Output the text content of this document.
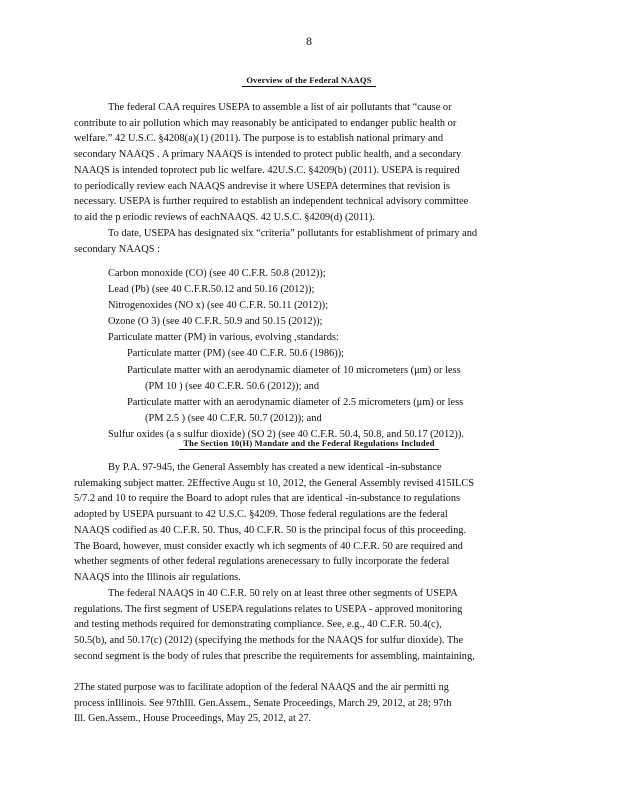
8
Overview of the Federal NAAQS

The federal CAA requires USEPA to assemble a list of air pollutants that “cause or
contribute to air pollution which may reasonably be anticipated to endanger public health or
welfare.” 42 U.S.C. §4208(a)(1) (2011). The purpose is to establish national primary and
secondary NAAQS . A primary NAAQS is intended to protect public health, and a secondary
NAAQS is intended toprotect pub lic welfare. 42U.S.C. §4209(b) (2011). USEPA is required
to periodically review each NAAQS andrevise it where USEPA determines that revision is
necessary. USEPA is further required to establish an independent technical advisory committee
to aid the p eriodic reviews of eachNAAQS. 42 U.S.C. §4209(d) (2011).

To date, USEPA has designated six “criteria” pollutants for establishment of primary and
secondary NAAQS :

Carbon monoxide (CO) (see 40 C.F.R. 50.8 (2012));
Lead (Pb) (see 40 C.F.R.50.12 and 50.16 (2012));
Nitrogenoxides (NO x) (see 40 C.F.R. 50.11 (2012));
Ozone (O 3) (see 40 C.F.R. 50.9 and 50.15 (2012));
Particulate matter (PM) in various, evolving ,standards:
Particulate matter (PM) (see 40 C.F.R. 50.6 (1986));
Particulate matter with an aerodynamic diameter of 10 micrometers (μm) or less
(PM 10 ) (see 40 C.F.R. 50.6 (2012)); and
Particulate matter with an aerodynamic diameter of 2.5 micrometers (μm) or less
(PM 2.5 ) (see 40 C.F.R. 50.7 (2012)); and
Sulfur oxides (a s sulfur dioxide) (SO 2) (see 40 C.F.R. 50.4, 50.8, and 50.17 (2012)).
The Section 10(H) Mandate and the Federal Regulations Included

By P.A. 97-945, the General Assembly has created a new identical -in-substance
rulemaking subject matter. 2Effective Augu st 10, 2012, the General Assembly revised 415ILCS
5/7.2 and 10 to require the Board to adopt rules that are identical -in-substance to regulations
adopted by USEPA pursuant to 42 U.S.C. §4209. Those federal regulations are the federal
NAAQS codified as 40 C.F.R. 50. Thus, 40 C.F.R. 50 is the principal focus of this proceeding.
The Board, however, must consider exactly wh ich segments of 40 C.F.R. 50 are required and
whether segments of other federal regulations arenecessary to fully incorporate the federal
NAAQS into the Illinois air regulations.

The federal NAAQS in 40 C.F.R. 50 rely on at least three other segments of USEPA
regulations. The first segment of USEPA regulations relates to USEPA - approved monitoring
and testing methods required for demonstrating compliance. See, e.g., 40 C.F.R. 50.4(c),
50.5(b), and 50.17(c) (2012) (specifying the methods for the NAAQS for sulfur dioxide). The
second segment is the body of rules that prescribe the requirements for assembling, maintaining,

2The stated purpose was to facilitate adoption of the federal NAAQS and the air permitti ng
process inIllinois. See 97thIll. Gen.Assem., Senate Proceedings, March 29, 2012, at 28; 97th
Ill. Gen.Assem., House Proceedings, May 25, 2012, at 27.
